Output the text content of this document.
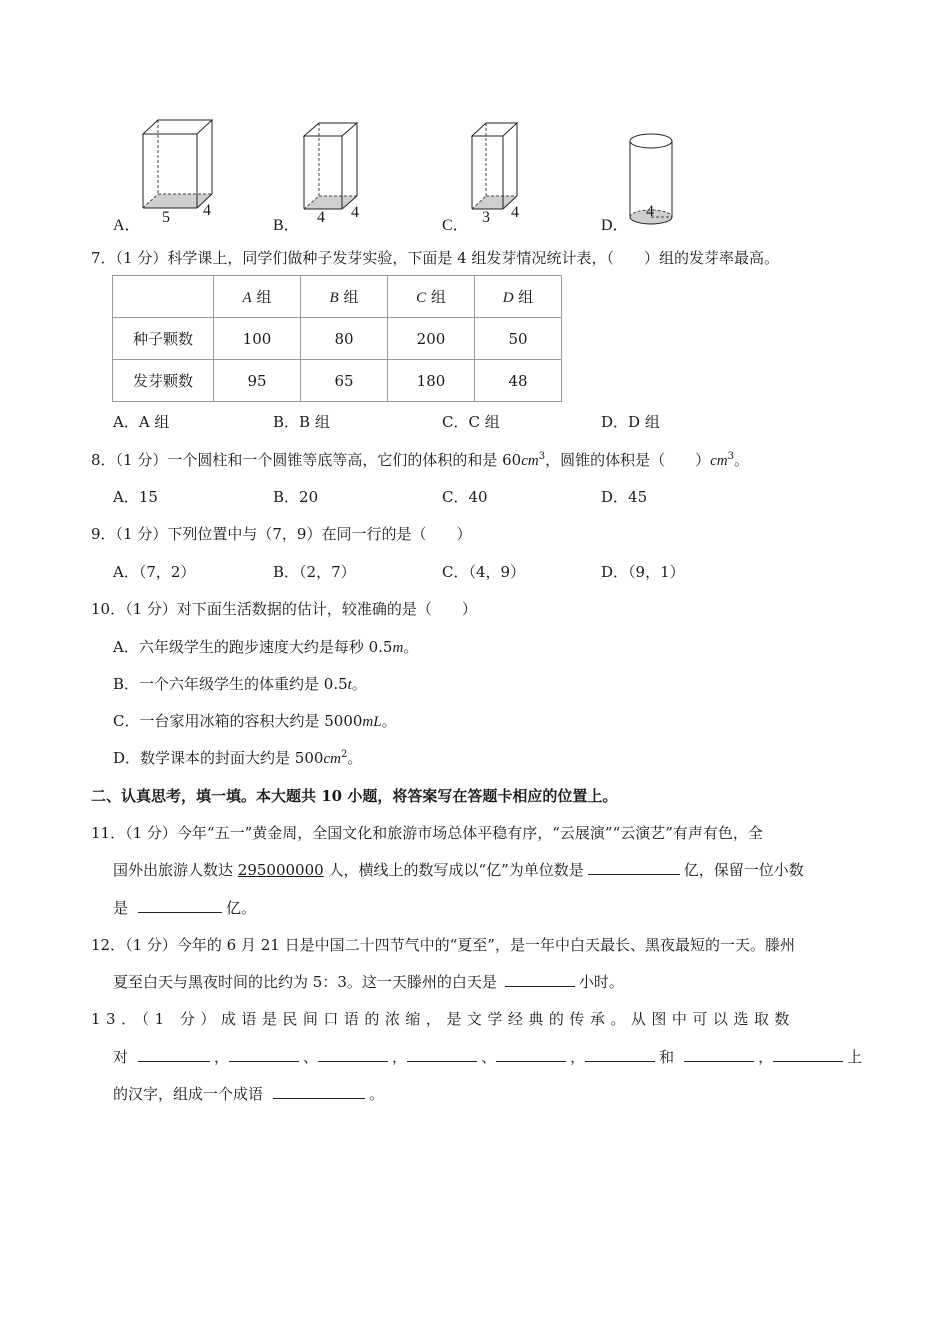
A． 5 4
B． 4 4
C． 3 4
D．
4
7．（1 分）科学课上，同学们做种子发芽实验，下面是 4 组发芽情况统计表，（　　）组的发芽率最高。
	A 组	B 组	C 组	D 组
种子颗数	100	80	200	50
发芽颗数	95	65	180	48
A．A 组	B．B 组	C．C 组	D．D 组
8．（1 分）一个圆柱和一个圆锥等底等高，它们的体积的和是 $60cm^3$，圆锥的体积是（　　）$cm^3$。
A．15	B．20	C．40	D．45
9．（1 分）下列位置中与（7，9）在同一行的是（　　）
A．（7，2）	B．（2，7）	C．（4，9）	D．（9，1）
10．（1 分）对下面生活数据的估计，较准确的是（　　）
A．六年级学生的跑步速度大约是每秒 0.5m。
B．一个六年级学生的体重约是 0.5t。
C．一台家用冰箱的容积大约是 5000mL。
D．数学课本的封面大约是 $500cm^2$。
二、认真思考，填一填。本大题共 10 小题，将答案写在答题卡相应的位置上。
11．（1 分）今年“五一”黄金周，全国文化和旅游市场总体平稳有序，“云展演”“云演艺”有声有色，全
国外出旅游人数达 295000000 人，横线上的数写成以“亿”为单位数是	亿，保留一位小数
是	亿。
12．（1 分）今年的 6 月 21 日是中国二十四节气中的“夏至”，是一年中白天最长、黑夜最短的一天。滕州
夏至白天与黑夜时间的比约为 5：3。这一天滕州的白天是	小时。
13．（1 分）成语是民间口语的浓缩，是文学经典的传承。从图中可以选取数
对	，	、	，	、	，	和	，	上
的汉字，组成一个成语	。
